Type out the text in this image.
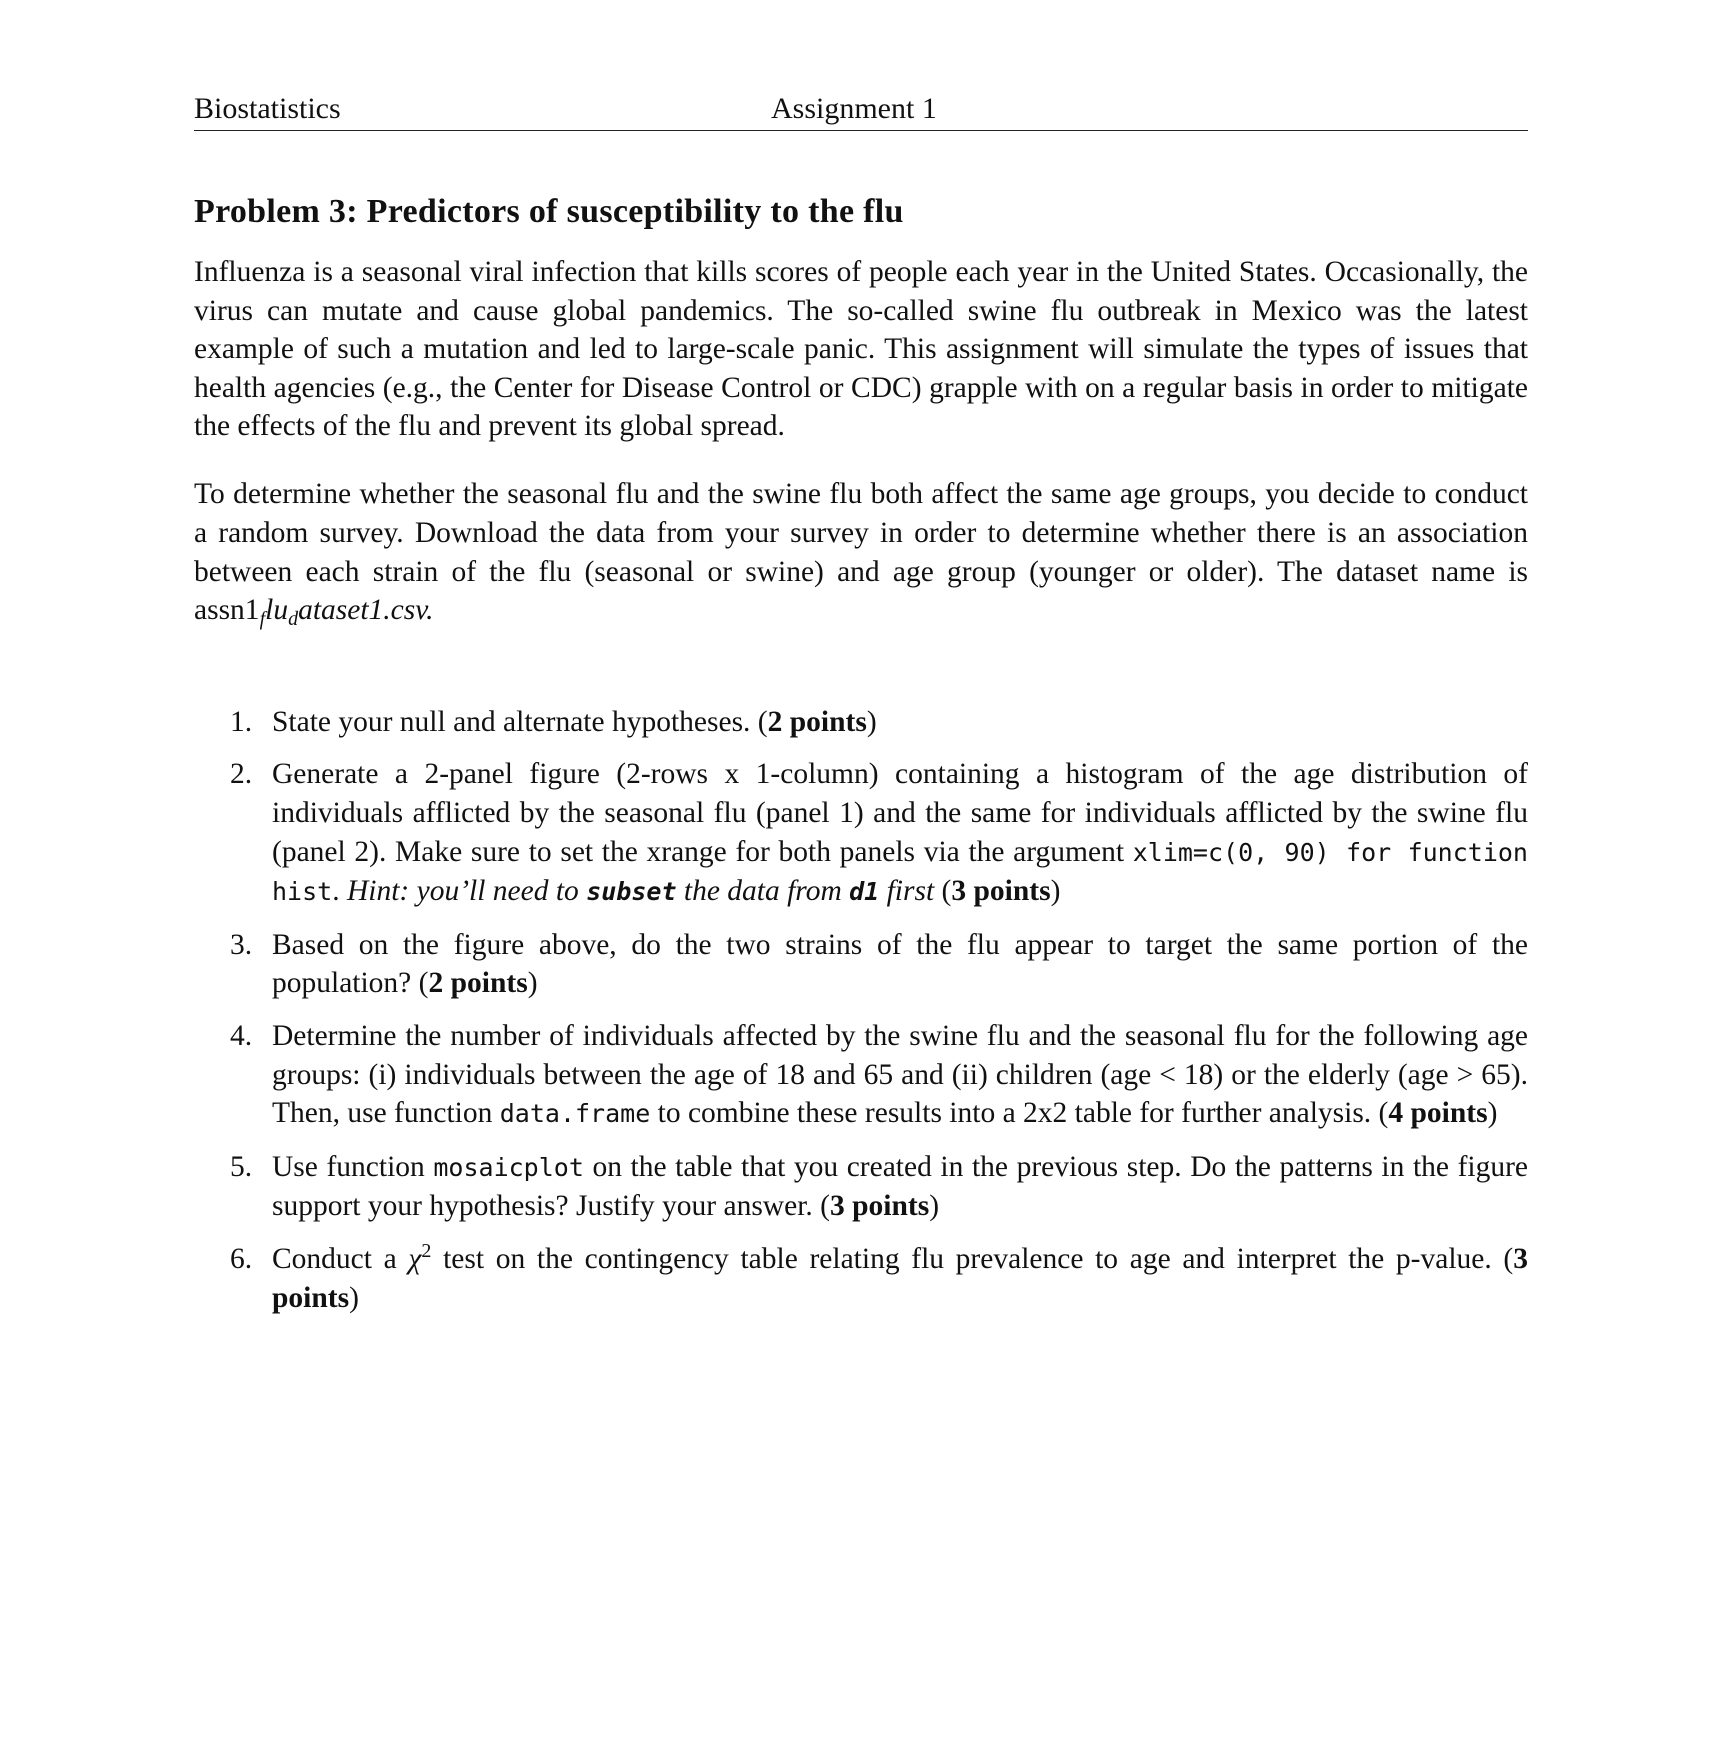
Biostatistics	Assignment 1
Problem 3: Predictors of susceptibility to the flu

Influenza is a seasonal viral infection that kills scores of people each year in the United States. Occasionally, the virus can mutate and cause global pandemics. The so-called swine flu outbreak in Mexico was the latest example of such a mutation and led to large-scale panic. This assignment will simulate the types of issues that health agencies (e.g., the Center for Disease Control or CDC) grapple with on a regular basis in order to mitigate the effects of the flu and prevent its global spread.

To determine whether the seasonal flu and the swine flu both affect the same age groups, you decide to conduct a random survey. Download the data from your survey in order to determine whether there is an association between each strain of the flu (seasonal or swine) and age group (younger or older). The dataset name is $assn1_flu_dataset1.csv$.

1. State your null and alternate hypotheses. (2 points)
2. Generate a 2-panel figure (2-rows x 1-column) containing a histogram of the age distribution of individuals afflicted by the seasonal flu (panel 1) and the same for individuals afflicted by the swine flu (panel 2). Make sure to set the xrange for both panels via the argument xlim=c(0, 90) for function hist. Hint: you’ll need to subset the data from d1 first (3 points)
3. Based on the figure above, do the two strains of the flu appear to target the same portion of the population? (2 points)
4. Determine the number of individuals affected by the swine flu and the seasonal flu for the following age groups: (i) individuals between the age of 18 and 65 and (ii) children (age < 18) or the elderly (age > 65). Then, use function data.frame to combine these results into a 2x2 table for further analysis. (4 points)
5. Use function mosaicplot on the table that you created in the previous step. Do the patterns in the figure support your hypothesis? Justify your answer. (3 points)
6. Conduct a $\chi^2$ test on the contingency table relating flu prevalence to age and interpret the p-value. (3 points)
